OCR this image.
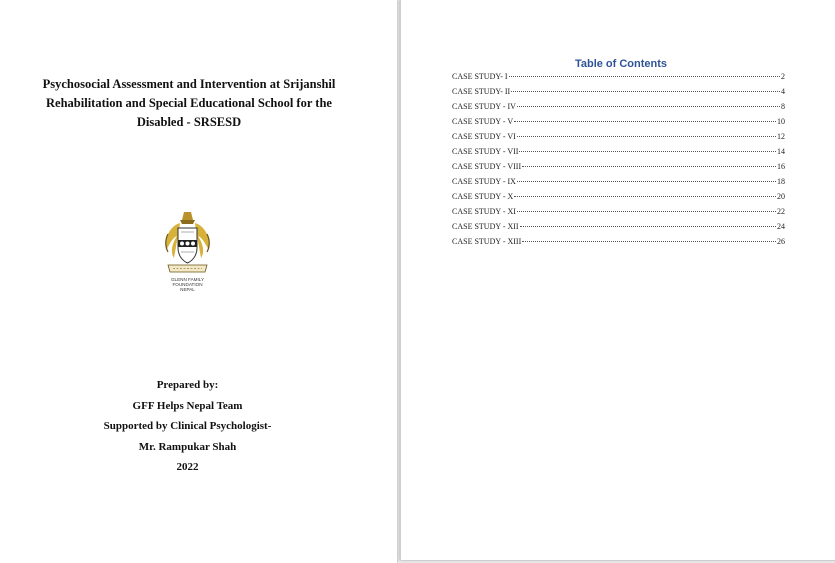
Psychosocial Assessment and Intervention at Srijanshil
Rehabilitation and Special Educational School for the
Disabled - SRSESD
GLENN FAMILY
FOUNDATION
NEPAL
Prepared by:
GFF Helps Nepal Team
Supported by Clinical Psychologist-
Mr. Rampukar Shah
2022
Table of Contents
CASE STUDY- I	2
CASE STUDY- II	4
CASE STUDY - IV	8
CASE STUDY - V	10
CASE STUDY - VI	12
CASE STUDY - VII	14
CASE STUDY - VIII	16
CASE STUDY - IX	18
CASE STUDY - X	20
CASE STUDY - XI	22
CASE STUDY - XII	24
CASE STUDY - XIII	26
